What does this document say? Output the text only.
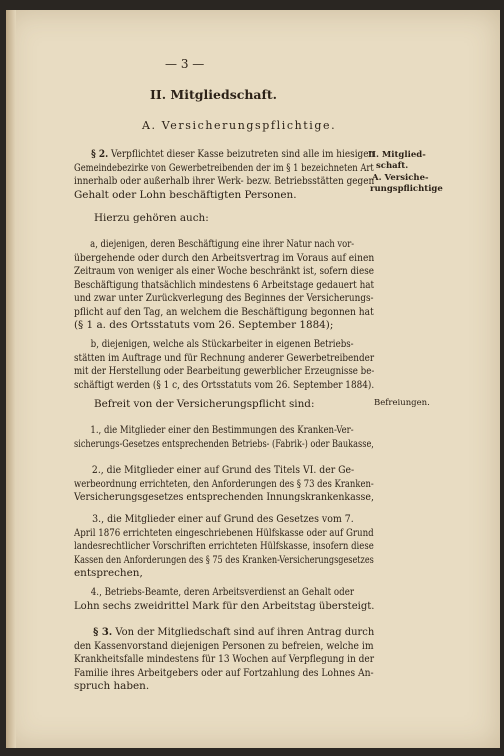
— 3 —
II. Mitgliedschaft.
A. Versicherungspflichtige.
II. Mitglied-
schaft.
A. Versiche-
rungspflichtige
Befreiungen.
§ 2. Verpflichtet dieser Kasse beizutreten sind alle im hiesigen
Gemeindebezirke von Gewerbetreibenden der im § 1 bezeichneten Art
innerhalb oder außerhalb ihrer Werk- bezw. Betriebsstätten gegen
Gehalt oder Lohn beschäftigten Personen.
Hierzu gehören auch:
a, diejenigen, deren Beschäftigung eine ihrer Natur nach vor-
übergehende oder durch den Arbeitsvertrag im Voraus auf einen
Zeitraum von weniger als einer Woche beschränkt ist, sofern diese
Beschäftigung thatsächlich mindestens 6 Arbeitstage gedauert hat
und zwar unter Zurückverlegung des Beginnes der Versicherungs-
pflicht auf den Tag, an welchem die Beschäftigung begonnen hat
(§ 1 a. des Ortsstatuts vom 26. September 1884);
b, diejenigen, welche als Stückarbeiter in eigenen Betriebs-
stätten im Auftrage und für Rechnung anderer Gewerbetreibender
mit der Herstellung oder Bearbeitung gewerblicher Erzeugnisse be-
schäftigt werden (§ 1 c, des Ortsstatuts vom 26. September 1884).
Befreit von der Versicherungspflicht sind:
1., die Mitglieder einer den Bestimmungen des Kranken-Ver-
sicherungs-Gesetzes entsprechenden Betriebs- (Fabrik-) oder Baukasse,
2., die Mitglieder einer auf Grund des Titels VI. der Ge-
werbeordnung errichteten, den Anforderungen des § 73 des Kranken-
Versicherungsgesetzes entsprechenden Innungskrankenkasse,
3., die Mitglieder einer auf Grund des Gesetzes vom 7.
April 1876 errichteten eingeschriebenen Hülfskasse oder auf Grund
landesrechtlicher Vorschriften errichteten Hülfskasse, insofern diese
Kassen den Anforderungen des § 75 des Kranken-Versicherungsgesetzes
entsprechen,
4., Betriebs-Beamte, deren Arbeitsverdienst an Gehalt oder
Lohn sechs zweidrittel Mark für den Arbeitstag übersteigt.
§ 3. Von der Mitgliedschaft sind auf ihren Antrag durch
den Kassenvorstand diejenigen Personen zu befreien, welche im
Krankheitsfalle mindestens für 13 Wochen auf Verpflegung in der
Familie ihres Arbeitgebers oder auf Fortzahlung des Lohnes An-
spruch haben.
